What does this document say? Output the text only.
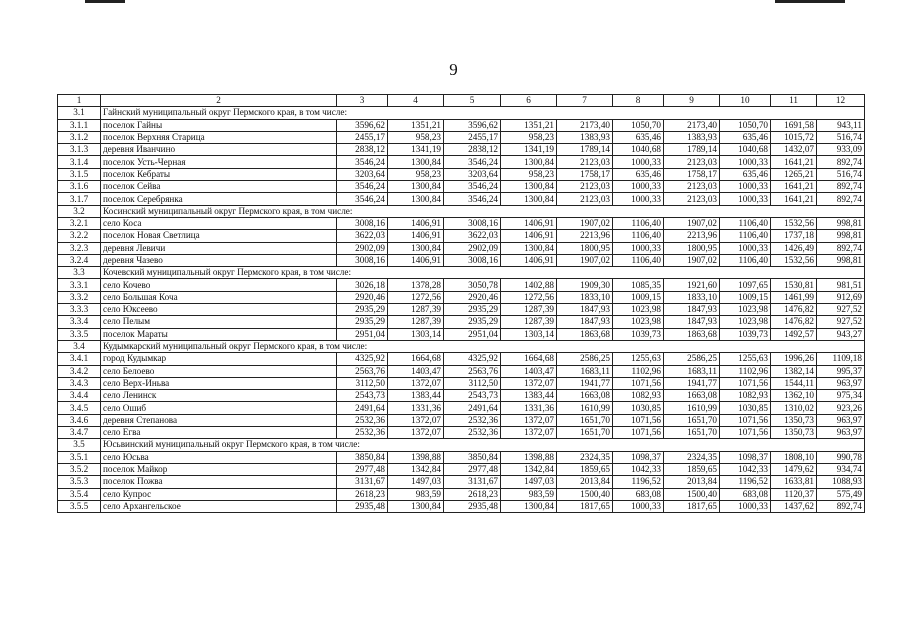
9
1	2	3	4	5	6	7	8	9	10	11	12
3.1	Гайнский муниципальный округ Пермского края, в том числе:										
3.1.1	поселок Гайны	3596,62	1351,21	3596,62	1351,21	2173,40	1050,70	2173,40	1050,70	1691,58	943,11
3.1.2	поселок Верхняя Старица	2455,17	958,23	2455,17	958,23	1383,93	635,46	1383,93	635,46	1015,72	516,74
3.1.3	деревня Иванчино	2838,12	1341,19	2838,12	1341,19	1789,14	1040,68	1789,14	1040,68	1432,07	933,09
3.1.4	поселок Усть-Черная	3546,24	1300,84	3546,24	1300,84	2123,03	1000,33	2123,03	1000,33	1641,21	892,74
3.1.5	поселок Кебраты	3203,64	958,23	3203,64	958,23	1758,17	635,46	1758,17	635,46	1265,21	516,74
3.1.6	поселок Сейва	3546,24	1300,84	3546,24	1300,84	2123,03	1000,33	2123,03	1000,33	1641,21	892,74
3.1.7	поселок Серебрянка	3546,24	1300,84	3546,24	1300,84	2123,03	1000,33	2123,03	1000,33	1641,21	892,74
3.2	Косинский муниципальный округ Пермского края, в том числе:										
3.2.1	село Коса	3008,16	1406,91	3008,16	1406,91	1907,02	1106,40	1907,02	1106,40	1532,56	998,81
3.2.2	поселок Новая Светлица	3622,03	1406,91	3622,03	1406,91	2213,96	1106,40	2213,96	1106,40	1737,18	998,81
3.2.3	деревня Левичи	2902,09	1300,84	2902,09	1300,84	1800,95	1000,33	1800,95	1000,33	1426,49	892,74
3.2.4	деревня Чазево	3008,16	1406,91	3008,16	1406,91	1907,02	1106,40	1907,02	1106,40	1532,56	998,81
3.3	Кочевский муниципальный округ Пермского края, в том числе:										
3.3.1	село Кочево	3026,18	1378,28	3050,78	1402,88	1909,30	1085,35	1921,60	1097,65	1530,81	981,51
3.3.2	село Большая Коча	2920,46	1272,56	2920,46	1272,56	1833,10	1009,15	1833,10	1009,15	1461,99	912,69
3.3.3	село Юксеево	2935,29	1287,39	2935,29	1287,39	1847,93	1023,98	1847,93	1023,98	1476,82	927,52
3.3.4	село Пелым	2935,29	1287,39	2935,29	1287,39	1847,93	1023,98	1847,93	1023,98	1476,82	927,52
3.3.5	поселок Мараты	2951,04	1303,14	2951,04	1303,14	1863,68	1039,73	1863,68	1039,73	1492,57	943,27
3.4	Кудымкарский муниципальный округ Пермского края, в том числе:										
3.4.1	город Кудымкар	4325,92	1664,68	4325,92	1664,68	2586,25	1255,63	2586,25	1255,63	1996,26	1109,18
3.4.2	село Белоево	2563,76	1403,47	2563,76	1403,47	1683,11	1102,96	1683,11	1102,96	1382,14	995,37
3.4.3	село Верх-Иньва	3112,50	1372,07	3112,50	1372,07	1941,77	1071,56	1941,77	1071,56	1544,11	963,97
3.4.4	село Ленинск	2543,73	1383,44	2543,73	1383,44	1663,08	1082,93	1663,08	1082,93	1362,10	975,34
3.4.5	село Ошиб	2491,64	1331,36	2491,64	1331,36	1610,99	1030,85	1610,99	1030,85	1310,02	923,26
3.4.6	деревня Степанова	2532,36	1372,07	2532,36	1372,07	1651,70	1071,56	1651,70	1071,56	1350,73	963,97
3.4.7	село Егва	2532,36	1372,07	2532,36	1372,07	1651,70	1071,56	1651,70	1071,56	1350,73	963,97
3.5	Юсьвинский муниципальный округ Пермского края, в том числе:										
3.5.1	село Юсьва	3850,84	1398,88	3850,84	1398,88	2324,35	1098,37	2324,35	1098,37	1808,10	990,78
3.5.2	поселок Майкор	2977,48	1342,84	2977,48	1342,84	1859,65	1042,33	1859,65	1042,33	1479,62	934,74
3.5.3	поселок Пожва	3131,67	1497,03	3131,67	1497,03	2013,84	1196,52	2013,84	1196,52	1633,81	1088,93
3.5.4	село Купрос	2618,23	983,59	2618,23	983,59	1500,40	683,08	1500,40	683,08	1120,37	575,49
3.5.5	село Архангельское	2935,48	1300,84	2935,48	1300,84	1817,65	1000,33	1817,65	1000,33	1437,62	892,74
